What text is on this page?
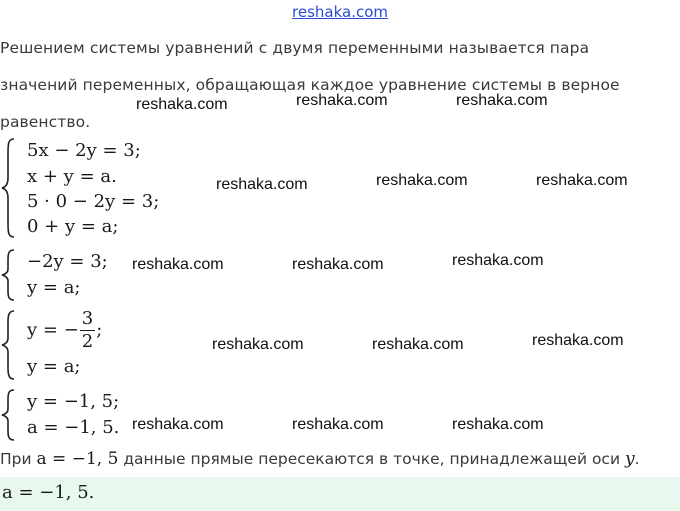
reshaka.com
Решением системы уравнений с двумя переменными называется пара
значений переменных, обращающая каждое уравнение системы в верное
равенство.
5x − 2y = 3;
x + y = a.
5 · 0 − 2y = 3;
0 + y = a;
−2y = 3;
y = a;
y = − $\frac{3}{2}$ ;
y = a;
y = −1, 5;
a = −1, 5.
При a = −1, 5 данные прямые пересекаются в точке, принадлежащей оси y.
a = −1, 5.
reshaka.com	reshaka.com	reshaka.com
reshaka.com	reshaka.com	reshaka.com
reshaka.com	reshaka.com	reshaka.com
reshaka.com	reshaka.com	reshaka.com
reshaka.com	reshaka.com	reshaka.com
